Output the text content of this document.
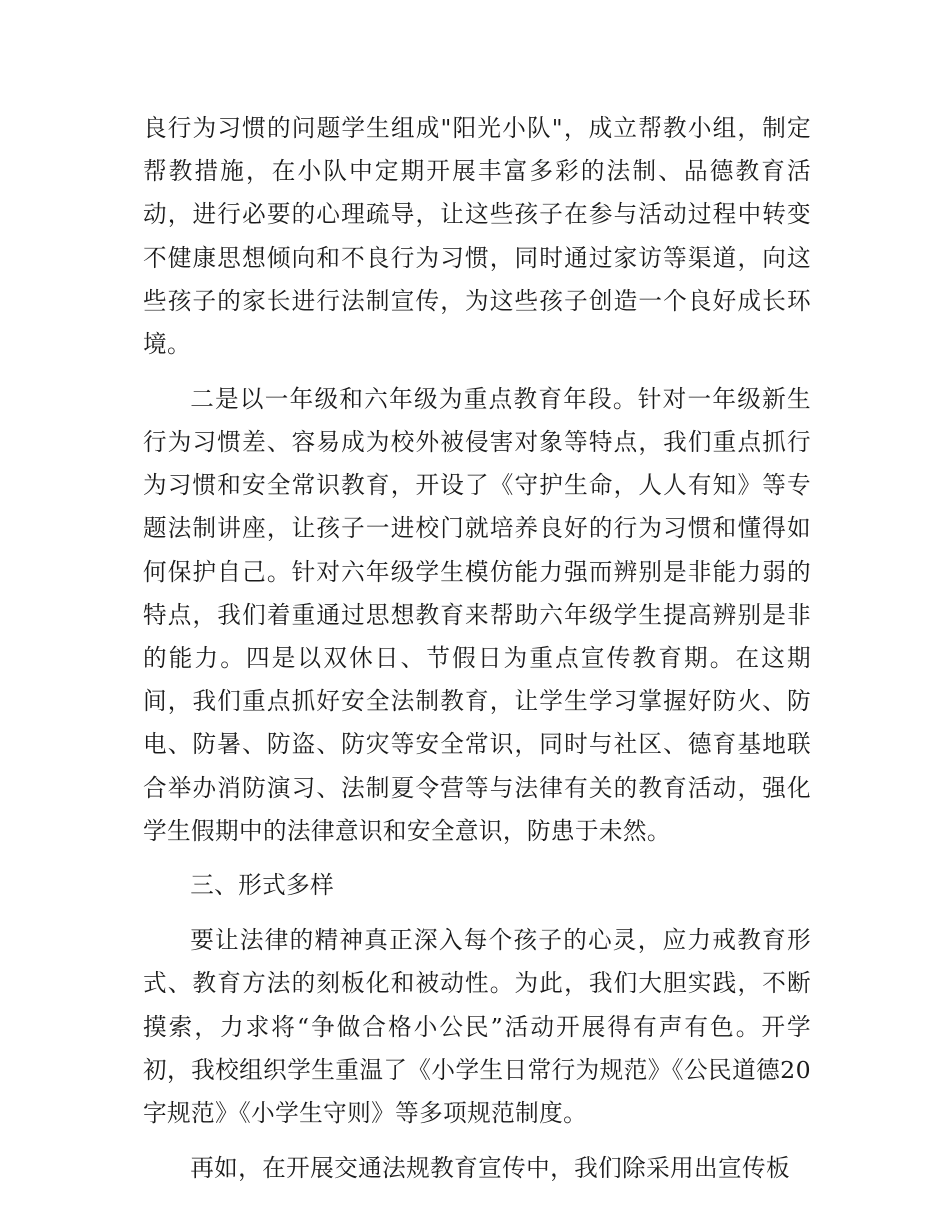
良行为习惯的问题学生组成"阳光小队"，成立帮教小组，制定帮教措施，在小队中定期开展丰富多彩的法制、品德教育活动，进行必要的心理疏导，让这些孩子在参与活动过程中转变不健康思想倾向和不良行为习惯，同时通过家访等渠道，向这些孩子的家长进行法制宣传，为这些孩子创造一个良好成长环境。

二是以一年级和六年级为重点教育年段。针对一年级新生行为习惯差、容易成为校外被侵害对象等特点，我们重点抓行为习惯和安全常识教育，开设了《守护生命，人人有知》等专题法制讲座，让孩子一进校门就培养良好的行为习惯和懂得如何保护自己。针对六年级学生模仿能力强而辨别是非能力弱的特点，我们着重通过思想教育来帮助六年级学生提高辨别是非的能力。四是以双休日、节假日为重点宣传教育期。在这期间，我们重点抓好安全法制教育，让学生学习掌握好防火、防电、防暑、防盗、防灾等安全常识，同时与社区、德育基地联合举办消防演习、法制夏令营等与法律有关的教育活动，强化学生假期中的法律意识和安全意识，防患于未然。

三、形式多样

要让法律的精神真正深入每个孩子的心灵，应力戒教育形式、教育方法的刻板化和被动性。为此，我们大胆实践，不断摸索，力求将“争做合格小公民”活动开展得有声有色。开学初，我校组织学生重温了《小学生日常行为规范》《公民道德20字规范》《小学生守则》等多项规范制度。

再如，在开展交通法规教育宣传中，我们除采用出宣传板
